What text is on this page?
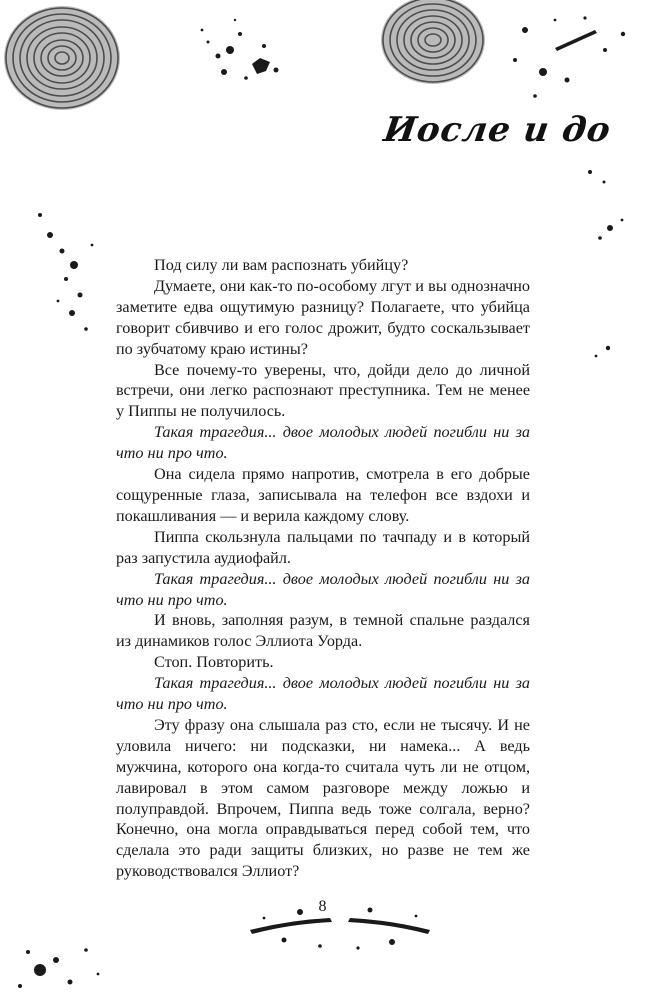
Иосле и до

Под силу ли вам распознать убийцу?

Думаете, они как-то по-особому лгут и вы однозначно заметите едва ощутимую разницу? Полагаете, что убийца говорит сбивчиво и его голос дрожит, будто соскальзывает по зубчатому краю истины?

Все почему-то уверены, что, дойди дело до личной встречи, они легко распознают преступника. Тем не менее у Пиппы не получилось.

Такая трагедия... двое молодых людей погибли ни за что ни про что.

Она сидела прямо напротив, смотрела в его добрые сощуренные глаза, записывала на телефон все вздохи и покашливания — и верила каждому слову.

Пиппа скользнула пальцами по тачпаду и в который раз запустила аудиофайл.

Такая трагедия... двое молодых людей погибли ни за что ни про что.

И вновь, заполняя разум, в темной спальне раздался из динамиков голос Эллиота Уорда.

Стоп. Повторить.

Такая трагедия... двое молодых людей погибли ни за что ни про что.

Эту фразу она слышала раз сто, если не тысячу. И не уловила ничего: ни подсказки, ни намека... А ведь мужчина, которого она когда-то считала чуть ли не отцом, лавировал в этом самом разговоре между ложью и полуправдой. Впрочем, Пиппа ведь тоже солгала, верно? Конечно, она могла оправдываться перед собой тем, что сделала это ради защиты близких, но разве не тем же руководствовался Эллиот?

8
